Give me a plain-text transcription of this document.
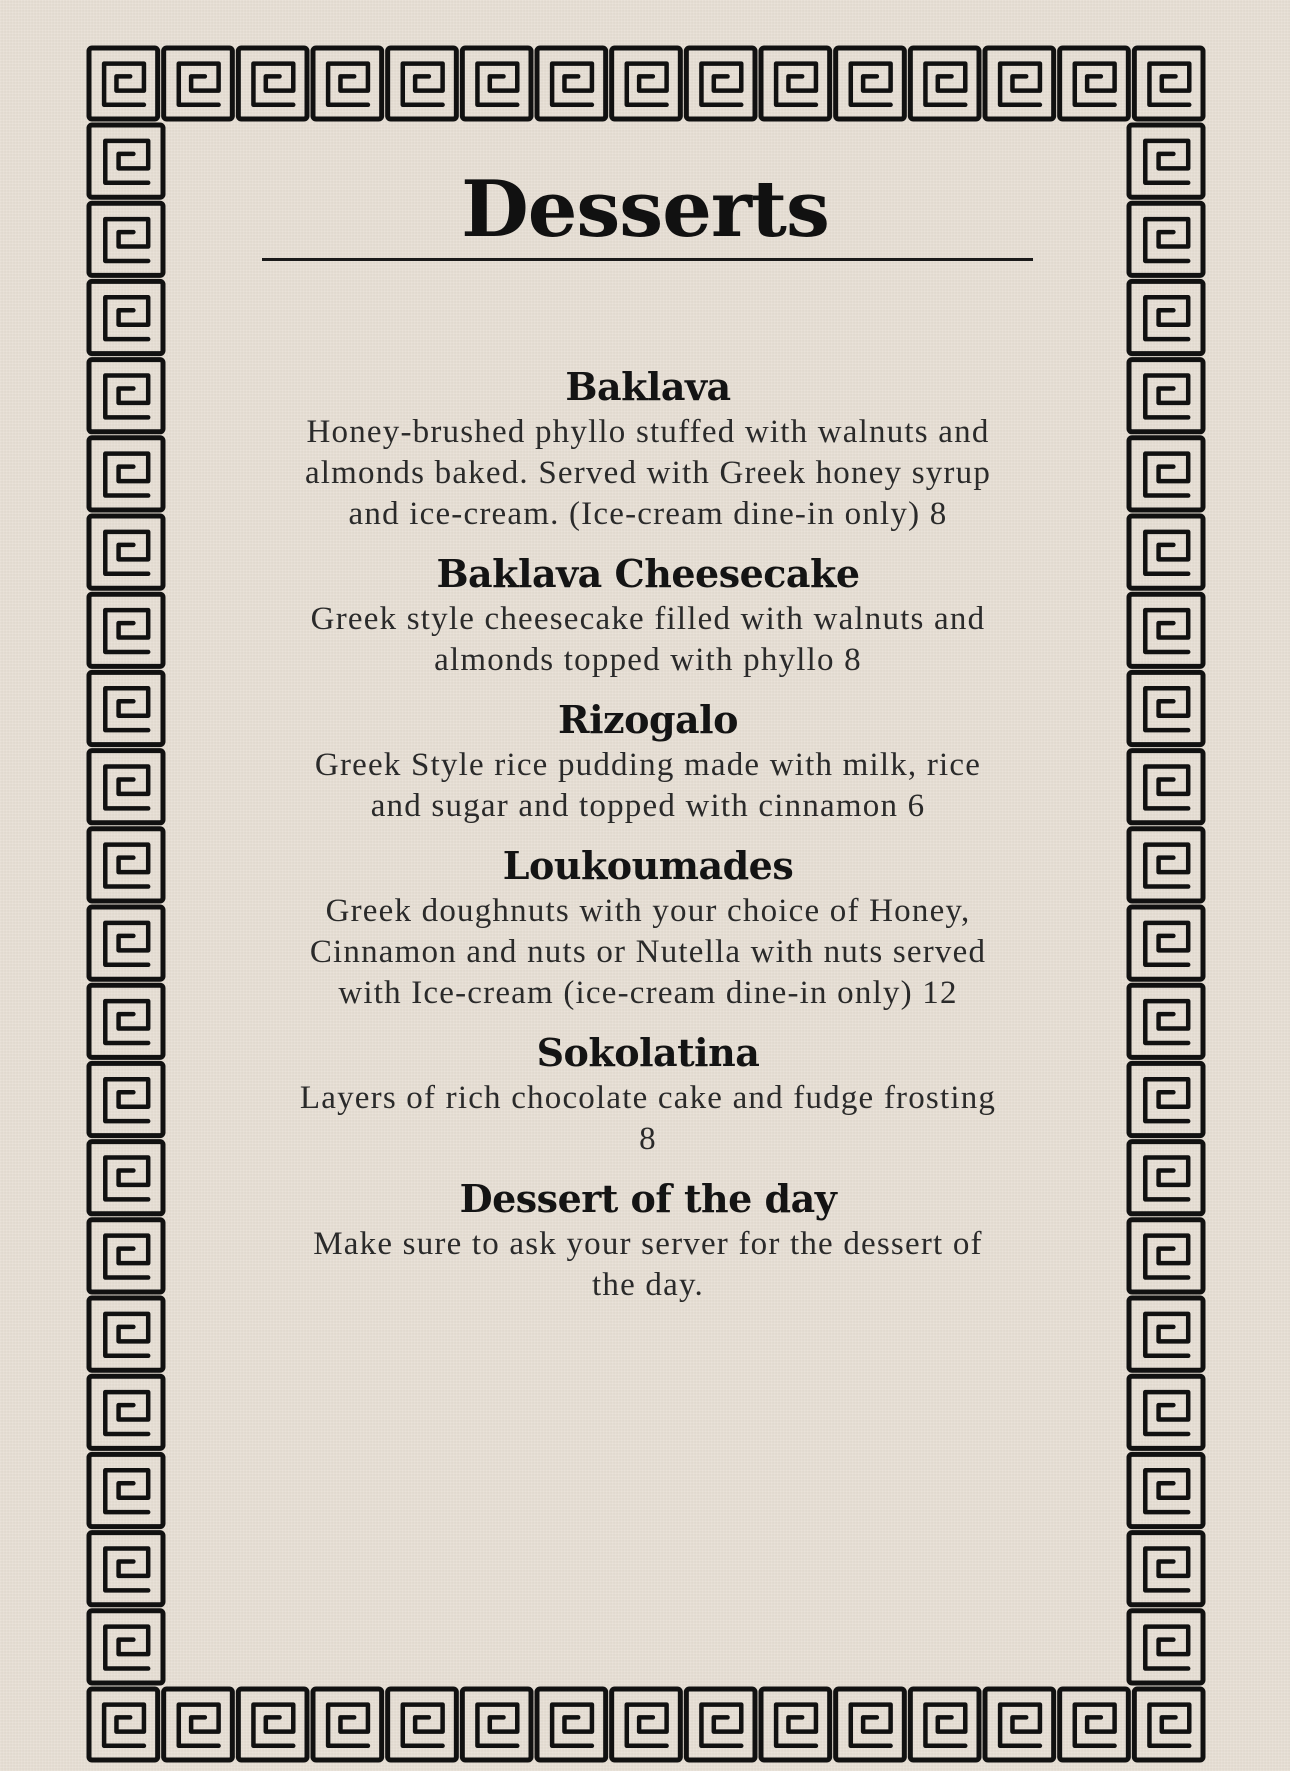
Desserts
Baklava
Honey-brushed phyllo stuffed with walnuts and almonds baked. Served with Greek honey syrup and ice-cream. (Ice-cream dine-in only) 8
Baklava Cheesecake
Greek style cheesecake filled with walnuts and almonds topped with phyllo 8
Rizogalo
Greek Style rice pudding made with milk, rice and sugar and topped with cinnamon 6
Loukoumades
Greek doughnuts with your choice of Honey, Cinnamon and nuts or Nutella with nuts served with Ice-cream (ice-cream dine-in only) 12
Sokolatina
Layers of rich chocolate cake and fudge frosting 8
Dessert of the day
Make sure to ask your server for the dessert of the day.
